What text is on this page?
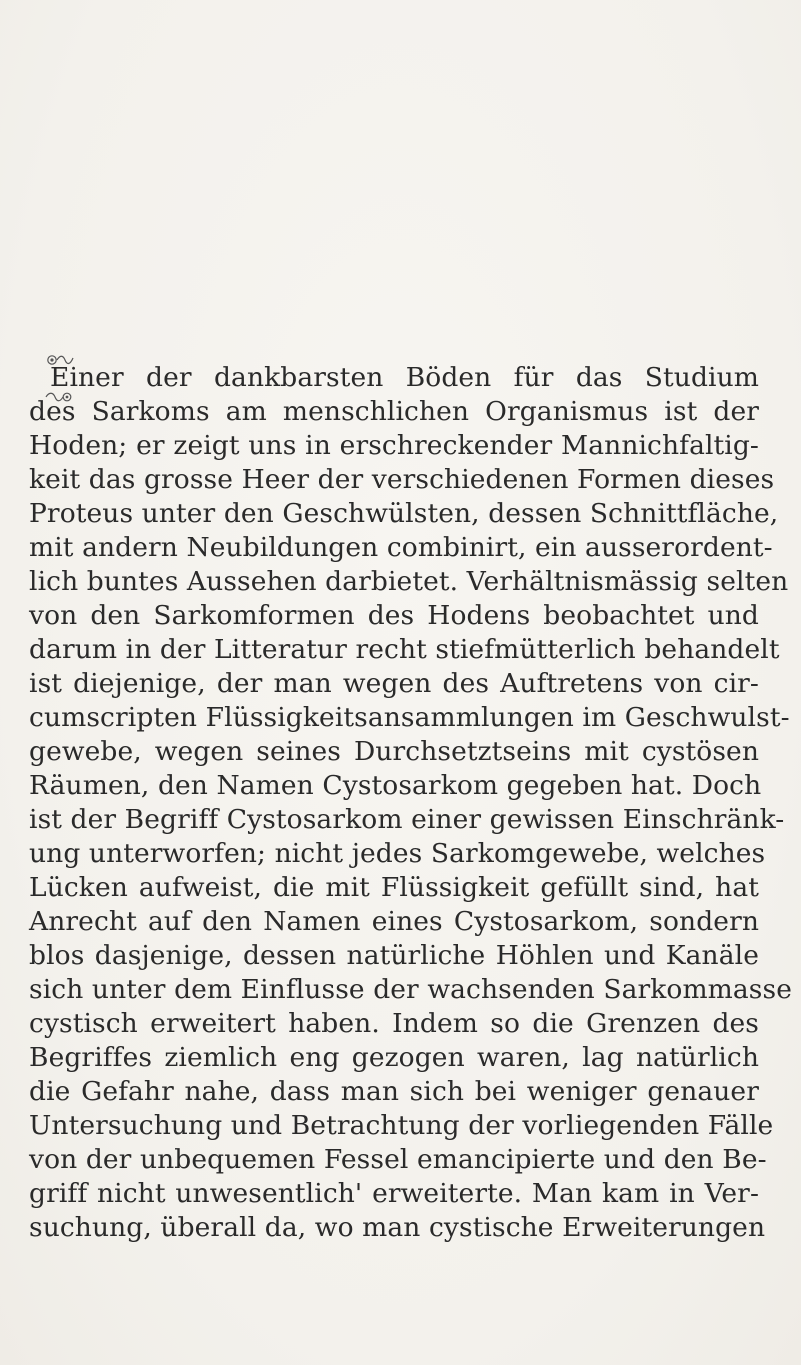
Einer der dankbarsten Böden für das Studium
des Sarkoms am menschlichen Organismus ist der
Hoden; er zeigt uns in erschreckender Mannichfaltig-
keit das grosse Heer der verschiedenen Formen dieses
Proteus unter den Geschwülsten, dessen Schnittfläche,
mit andern Neubildungen combinirt, ein ausserordent-
lich buntes Aussehen darbietet. Verhältnismässig selten
von den Sarkomformen des Hodens beobachtet und
darum in der Litteratur recht stiefmütterlich behandelt
ist diejenige, der man wegen des Auftretens von cir-
cumscripten Flüssigkeitsansammlungen im Geschwulst-
gewebe, wegen seines Durchsetztseins mit cystösen
Räumen, den Namen Cystosarkom gegeben hat. Doch
ist der Begriff Cystosarkom einer gewissen Einschränk-
ung unterworfen; nicht jedes Sarkomgewebe, welches
Lücken aufweist, die mit Flüssigkeit gefüllt sind, hat
Anrecht auf den Namen eines Cystosarkom, sondern
blos dasjenige, dessen natürliche Höhlen und Kanäle
sich unter dem Einflusse der wachsenden Sarkommasse
cystisch erweitert haben. Indem so die Grenzen des
Begriffes ziemlich eng gezogen waren, lag natürlich
die Gefahr nahe, dass man sich bei weniger genauer
Untersuchung und Betrachtung der vorliegenden Fälle
von der unbequemen Fessel emancipierte und den Be-
griff nicht unwesentlich' erweiterte. Man kam in Ver-
suchung, überall da, wo man cystische Erweiterungen
